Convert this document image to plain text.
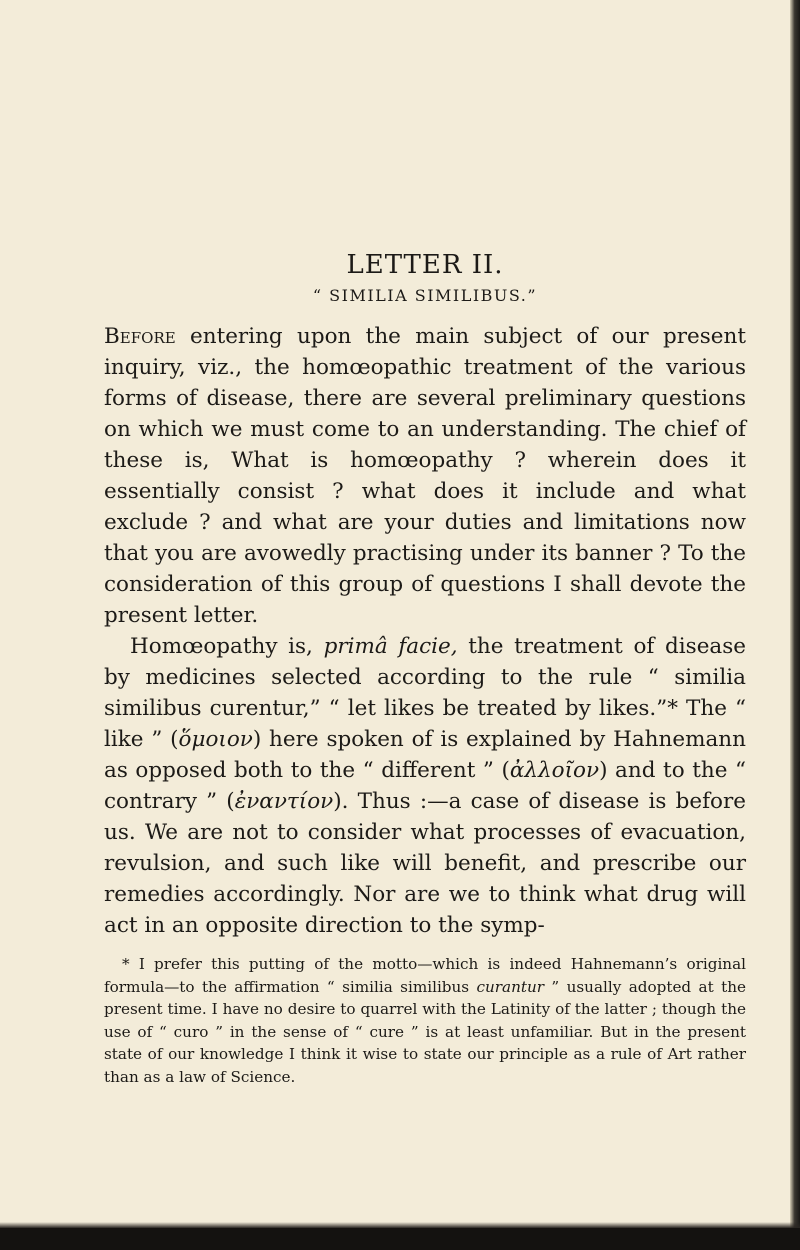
LETTER II.
“ SIMILIA SIMILIBUS.”

Before entering upon the main subject of our present inquiry, viz., the homœopathic treatment of the various forms of disease, there are several preliminary questions on which we must come to an understanding. The chief of these is, What is homœopathy ? wherein does it essentially consist ? what does it include and what exclude ? and what are your duties and limitations now that you are avowedly practising under its banner ? To the consideration of this group of questions I shall devote the present letter.

Homœopathy is, primâ facie, the treatment of disease by medicines selected according to the rule “ similia similibus curentur,” “ let likes be treated by likes.”* The “ like ” (ὅμοιον) here spoken of is explained by Hahnemann as opposed both to the “ different ” (ἀλλοῖον) and to the “ contrary ” (ἐναντίον). Thus :—a case of disease is before us. We are not to consider what processes of evacuation, revulsion, and such like will benefit, and prescribe our remedies accordingly. Nor are we to think what drug will act in an opposite direction to the symp-

* I prefer this putting of the motto—which is indeed Hahnemann’s original formula—to the affirmation “ similia similibus curantur ” usually adopted at the present time. I have no desire to quarrel with the Latinity of the latter ; though the use of “ curo ” in the sense of “ cure ” is at least unfamiliar. But in the present state of our knowledge I think it wise to state our principle as a rule of Art rather than as a law of Science.
